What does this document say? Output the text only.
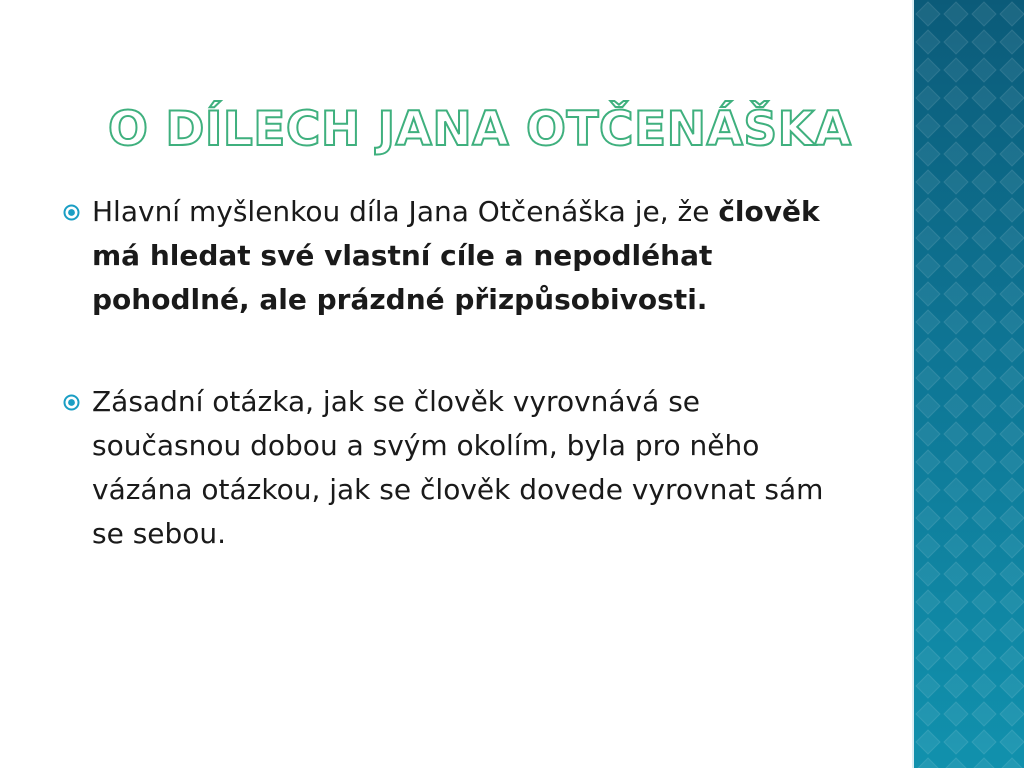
O DÍLECH JANA OTČENÁŠKA
Hlavní myšlenkou díla Jana Otčenáška je, že člověk má hledat své vlastní cíle a nepodléhat pohodlné, ale prázdné přizpůsobivosti.
Zásadní otázka, jak se člověk vyrovnává se současnou dobou a svým okolím, byla pro něho vázána otázkou, jak se člověk dovede vyrovnat sám se sebou.
